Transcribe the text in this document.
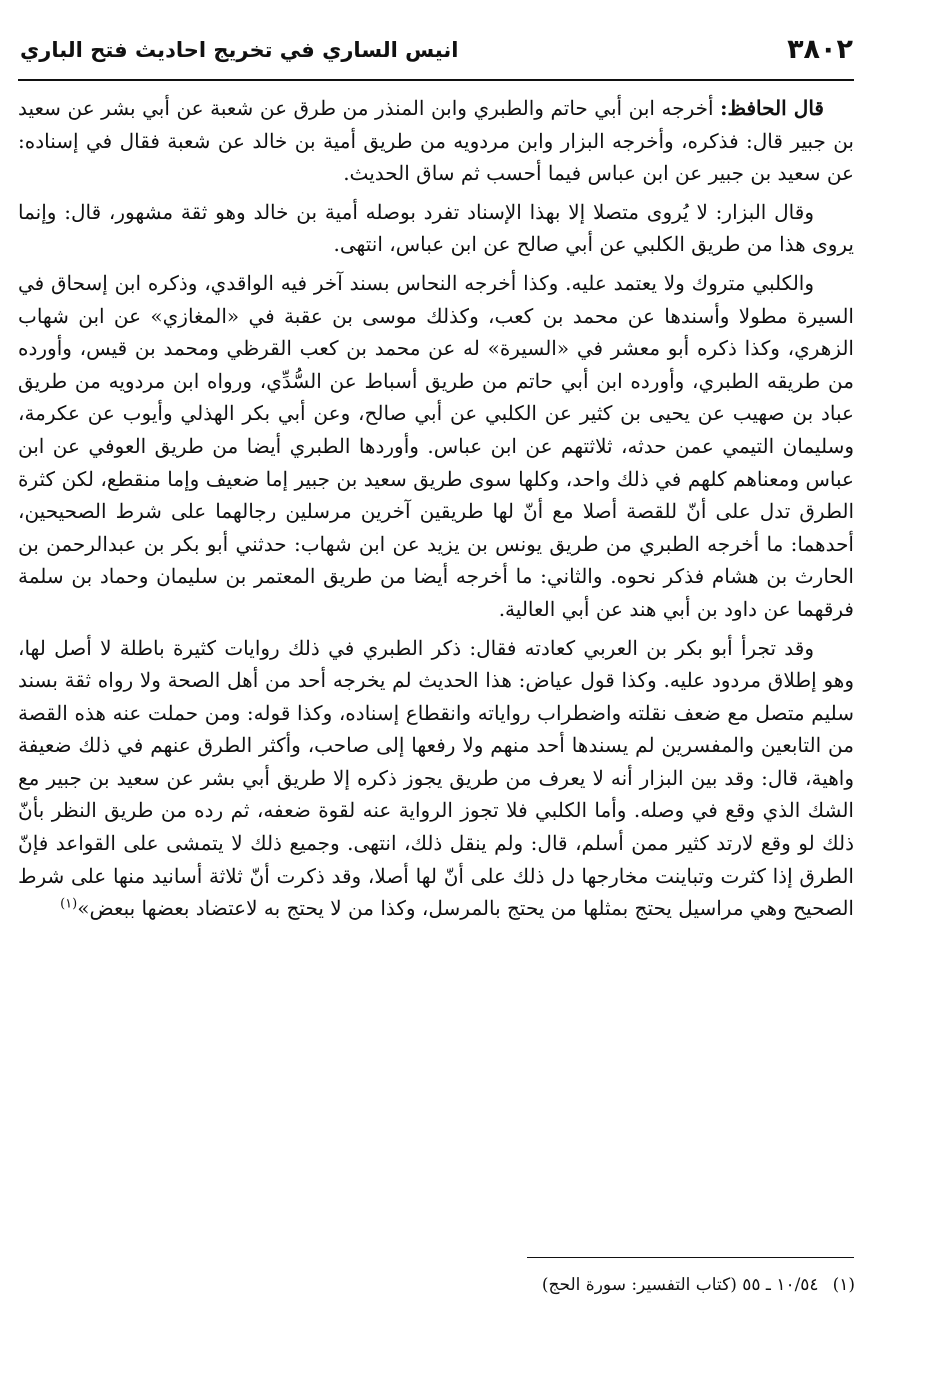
٣٨٠٢
انيس الساري في تخريج احاديث فتح الباري

قال الحافظ: أخرجه ابن أبي حاتم والطبري وابن المنذر من طرق عن شعبة عن أبي بشر عن سعيد بن جبير قال: فذكره، وأخرجه البزار وابن مردويه من طريق أمية بن خالد عن شعبة فقال في إسناده: عن سعيد بن جبير عن ابن عباس فيما أحسب ثم ساق الحديث.

وقال البزار: لا يُروى متصلا إلا بهذا الإسناد تفرد بوصله أمية بن خالد وهو ثقة مشهور، قال: وإنما يروى هذا من طريق الكلبي عن أبي صالح عن ابن عباس، انتهى.

والكلبي متروك ولا يعتمد عليه. وكذا أخرجه النحاس بسند آخر فيه الواقدي، وذكره ابن إسحاق في السيرة مطولا وأسندها عن محمد بن كعب، وكذلك موسى بن عقبة في «المغازي» عن ابن شهاب الزهري، وكذا ذكره أبو معشر في «السيرة» له عن محمد بن كعب القرظي ومحمد بن قيس، وأورده من طريقه الطبري، وأورده ابن أبي حاتم من طريق أسباط عن السُّدِّي، ورواه ابن مردويه من طريق عباد بن صهيب عن يحيى بن كثير عن الكلبي عن أبي صالح، وعن أبي بكر الهذلي وأيوب عن عكرمة، وسليمان التيمي عمن حدثه، ثلاثتهم عن ابن عباس. وأوردها الطبري أيضا من طريق العوفي عن ابن عباس ومعناهم كلهم في ذلك واحد، وكلها سوى طريق سعيد بن جبير إما ضعيف وإما منقطع، لكن كثرة الطرق تدل على أنّ للقصة أصلا مع أنّ لها طريقين آخرين مرسلين رجالهما على شرط الصحيحين، أحدهما: ما أخرجه الطبري من طريق يونس بن يزيد عن ابن شهاب: حدثني أبو بكر بن عبدالرحمن بن الحارث بن هشام فذكر نحوه. والثاني: ما أخرجه أيضا من طريق المعتمر بن سليمان وحماد بن سلمة فرقهما عن داود بن أبي هند عن أبي العالية.

وقد تجرأ أبو بكر بن العربي كعادته فقال: ذكر الطبري في ذلك روايات كثيرة باطلة لا أصل لها، وهو إطلاق مردود عليه. وكذا قول عياض: هذا الحديث لم يخرجه أحد من أهل الصحة ولا رواه ثقة بسند سليم متصل مع ضعف نقلته واضطراب رواياته وانقطاع إسناده، وكذا قوله: ومن حملت عنه هذه القصة من التابعين والمفسرين لم يسندها أحد منهم ولا رفعها إلى صاحب، وأكثر الطرق عنهم في ذلك ضعيفة واهية، قال: وقد بين البزار أنه لا يعرف من طريق يجوز ذكره إلا طريق أبي بشر عن سعيد بن جبير مع الشك الذي وقع في وصله. وأما الكلبي فلا تجوز الرواية عنه لقوة ضعفه، ثم رده من طريق النظر بأنّ ذلك لو وقع لارتد كثير ممن أسلم، قال: ولم ينقل ذلك، انتهى. وجميع ذلك لا يتمشى على القواعد فإنّ الطرق إذا كثرت وتباينت مخارجها دل ذلك على أنّ لها أصلا، وقد ذكرت أنّ ثلاثة أسانيد منها على شرط الصحيح وهي مراسيل يحتج بمثلها من يحتج بالمرسل، وكذا من لا يحتج به لاعتضاد بعضها ببعض»$^{(١)}$

(١)١٠/٥٤ ـ ٥٥ (كتاب التفسير: سورة الحج)
